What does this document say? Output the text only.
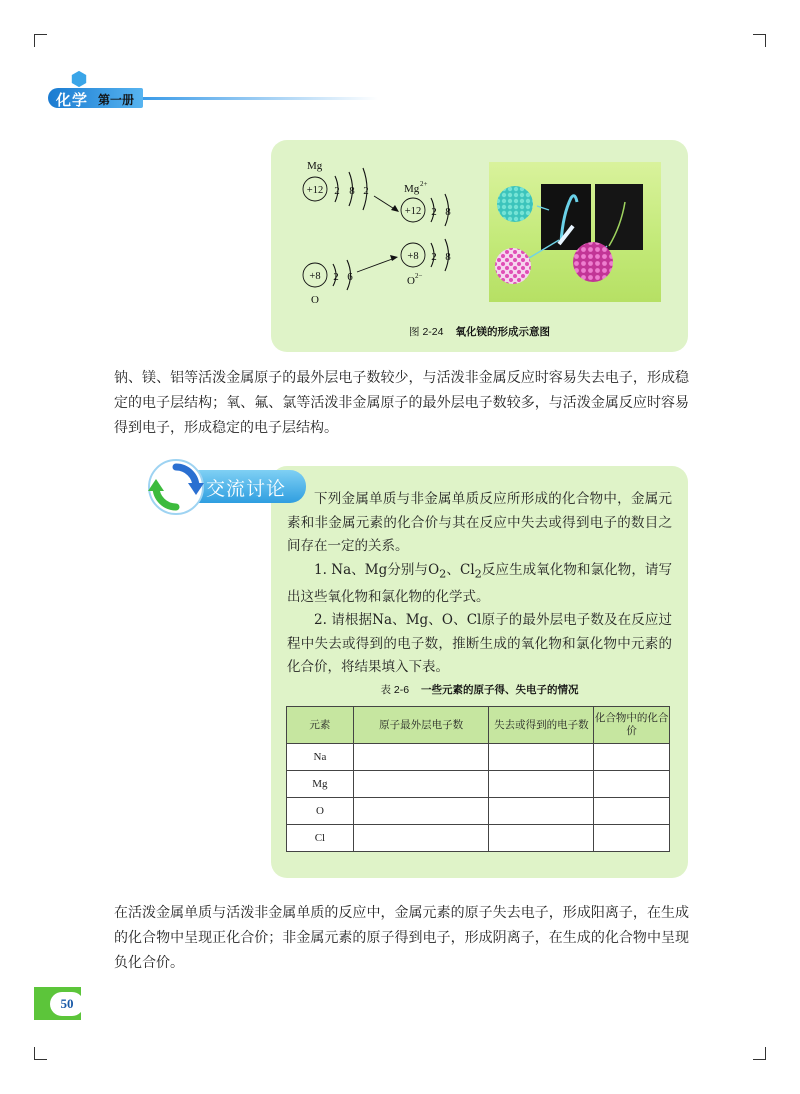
化学 第一册
Mg
+12 2 8 2	Mg 2+
+12 2 8
+8 2 6
O
+8 2 8
O 2−
图 2-24 氧化镁的形成示意图
钠、镁、铝等活泼金属原子的最外层电子数较少，与活泼非金属反应时容易失去电子，形成稳定的电子层结构；氧、氟、氯等活泼非金属原子的最外层电子数较多，与活泼金属反应时容易得到电子，形成稳定的电子层结构。
交流讨论	下列金属单质与非金属单质反应所形成的化合物中，金属元素和非金属元素的化合价与其在反应中失去或得到电子的数目之间存在一定的关系。

1. Na、Mg分别与$O_2$、$Cl_2$反应生成氧化物和氯化物，请写出这些氧化物和氯化物的化学式。

2. 请根据Na、Mg、O、Cl原子的最外层电子数及在反应过程中失去或得到的电子数，推断生成的氧化物和氯化物中元素的化合价，将结果填入下表。

表 2-6 一些元素的原子得、失电子的情况
元素	原子最外层电子数	失去或得到的电子数	化合物中的化合价
Na			
Mg			
O			
Cl			
在活泼金属单质与活泼非金属单质的反应中，金属元素的原子失去电子，形成阳离子，在生成的化合物中呈现正化合价；非金属元素的原子得到电子，形成阴离子，在生成的化合物中呈现负化合价。
50
